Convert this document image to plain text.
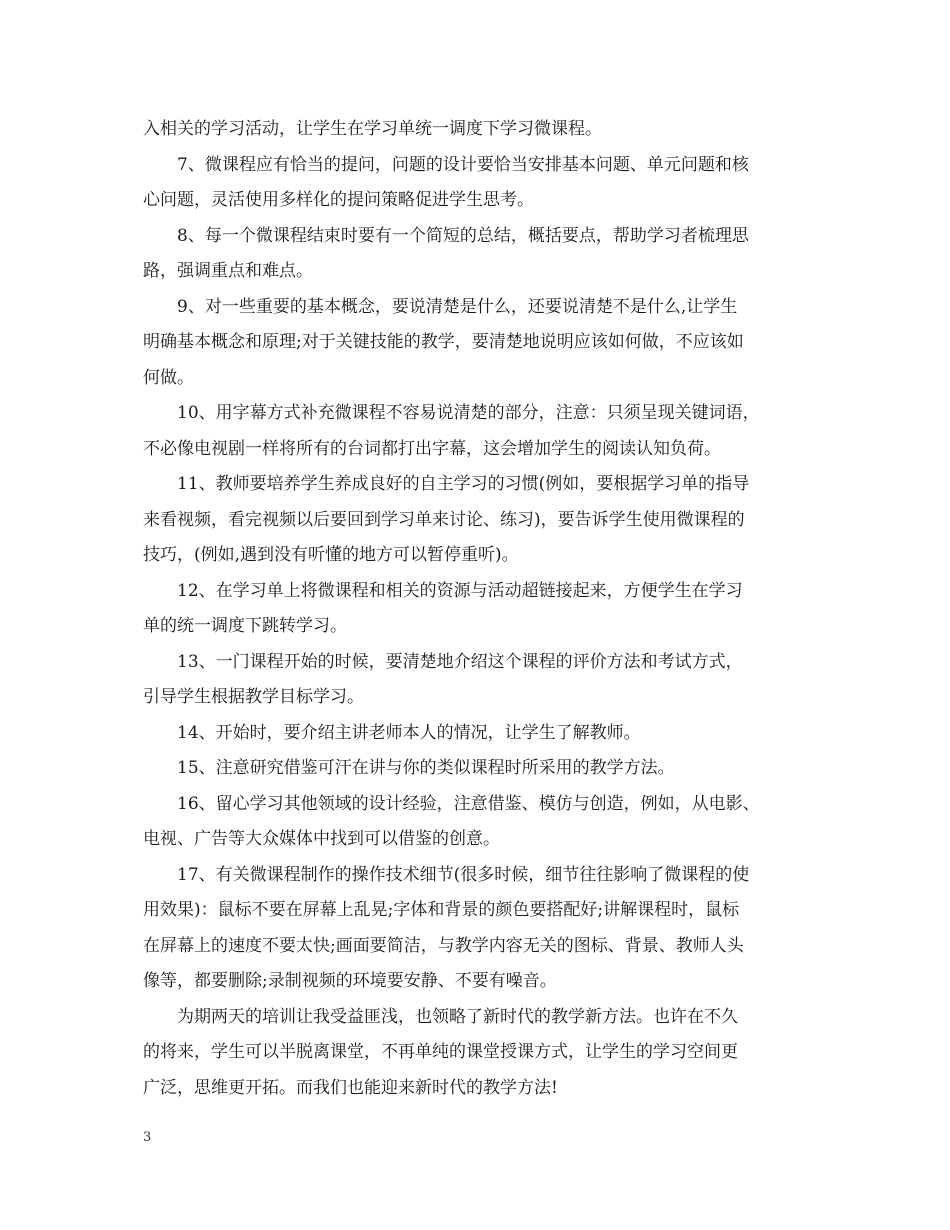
入相关的学习活动，让学生在学习单统一调度下学习微课程。
7、微课程应有恰当的提问，问题的设计要恰当安排基本问题、单元问题和核
心问题，灵活使用多样化的提问策略促进学生思考。
8、每一个微课程结束时要有一个简短的总结，概括要点，帮助学习者梳理思
路，强调重点和难点。
9、对一些重要的基本概念，要说清楚是什么，还要说清楚不是什么,让学生
明确基本概念和原理;对于关键技能的教学，要清楚地说明应该如何做，不应该如
何做。
10、用字幕方式补充微课程不容易说清楚的部分，注意：只须呈现关键词语，
不必像电视剧一样将所有的台词都打出字幕，这会增加学生的阅读认知负荷。
11、教师要培养学生养成良好的自主学习的习惯(例如，要根据学习单的指导
来看视频，看完视频以后要回到学习单来讨论、练习)，要告诉学生使用微课程的
技巧，(例如,遇到没有听懂的地方可以暂停重听)。
12、在学习单上将微课程和相关的资源与活动超链接起来，方便学生在学习
单的统一调度下跳转学习。
13、一门课程开始的时候，要清楚地介绍这个课程的评价方法和考试方式，
引导学生根据教学目标学习。
14、开始时，要介绍主讲老师本人的情况，让学生了解教师。
15、注意研究借鉴可汗在讲与你的类似课程时所采用的教学方法。
16、留心学习其他领域的设计经验，注意借鉴、模仿与创造，例如，从电影、
电视、广告等大众媒体中找到可以借鉴的创意。
17、有关微课程制作的操作技术细节(很多时候，细节往往影响了微课程的使
用效果)：鼠标不要在屏幕上乱晃;字体和背景的颜色要搭配好;讲解课程时，鼠标
在屏幕上的速度不要太快;画面要简洁，与教学内容无关的图标、背景、教师人头
像等，都要删除;录制视频的环境要安静、不要有噪音。
为期两天的培训让我受益匪浅，也领略了新时代的教学新方法。也许在不久
的将来，学生可以半脱离课堂，不再单纯的课堂授课方式，让学生的学习空间更
广泛，思维更开拓。而我们也能迎来新时代的教学方法!
3
